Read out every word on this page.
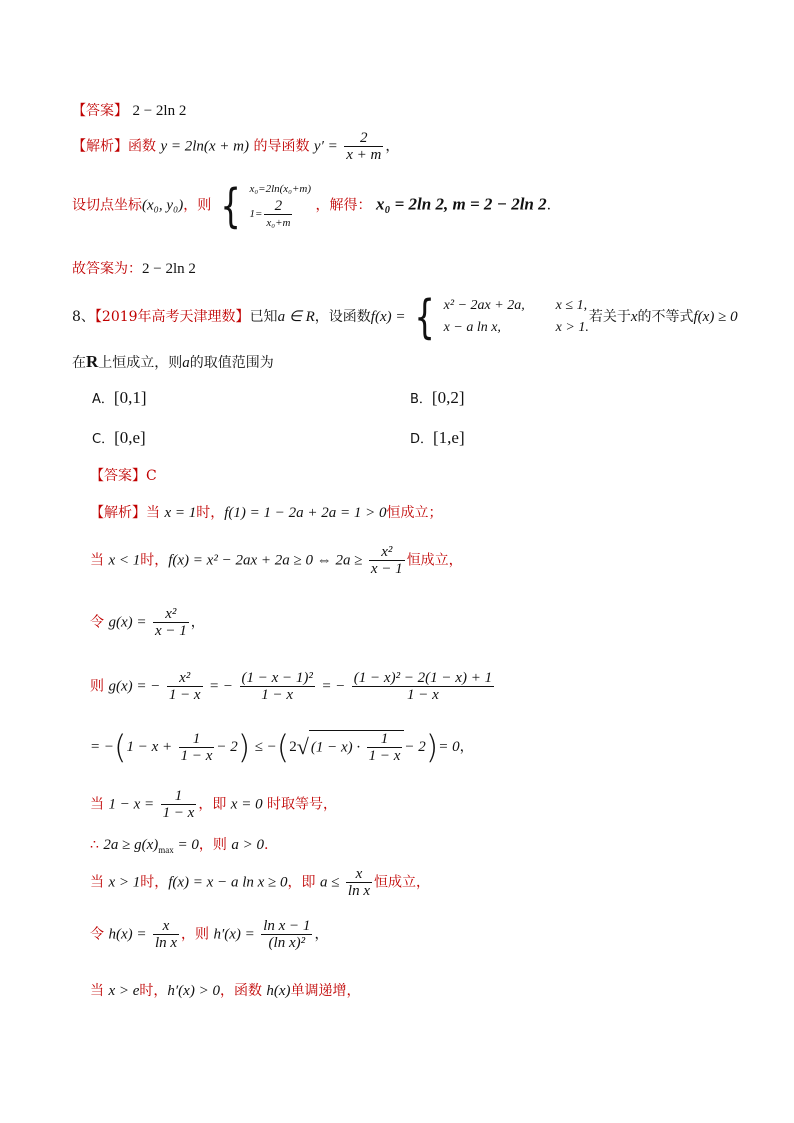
【答案】 2 − 2ln 2
【解析】函数 y = 2ln(x + m) 的导函数 $y' = \frac{2}{x + m}$ ，
设切点坐标(x₀, y₀)，则 { x₀=2ln(x₀+m)
$1= \frac{2}{\text{x₀+m}}$ ，解得： x₀ = 2ln 2, m = 2 − 2ln 2.
故答案为：2 − 2ln 2
8、【2019年高考天津理数】已知a ∈ R，设函数f(x) = { x² − 2ax + 2a, x ≤ 1,
x − a ln x,	x > 1.
若关于x的不等式f(x) ≥ 0
在R上恒成立，则a的取值范围为
A．[0,1]	B．[0,2]
C．[0,e]	D．[1,e]
【答案】C
【解析】当 x = 1时，f(1) = 1 − 2a + 2a = 1 > 0恒成立；
当 x < 1时，f(x) = x² − 2ax + 2a ≥ 0 ⇔ $2a \ge \frac{\text{x²}}{x - 1}$ 恒成立，
令 $g(x) = \frac{\text{x²}}{x - 1}$ ，
则 g(x) = − $\frac{\text{x²}}{1 - x}$ = − $\frac{\text{(1 − x − 1)²}}{1 - x}$ = − $\frac{\text{(1 − x)² − 2(1 − x) + 1}}{1 - x}$
= $-(1 - x + \frac{1}{1 - x} - 2) \le -(2√$ $(1 - x) \cdot \frac{1}{1 - x} - 2)= 0$，
当 $1 - x = \frac{1}{1 - x}$ ，即 x = 0 时取等号，
∴ $2a \ge g(x)_{max} = 0$，则 a > 0.
当 x > 1时，f(x) = x − a ln x ≥ 0，即 $a \le \frac{x}{\text{ln x}}$ 恒成立，
令 $h(x) = \frac{x}{\text{ln x}}$ ，则 $h'(x) = \frac{\text{ln x − 1}}{\text{(ln x)²}}$ ，
当 x > e时，h′(x) > 0，函数 h(x)单调递增，
